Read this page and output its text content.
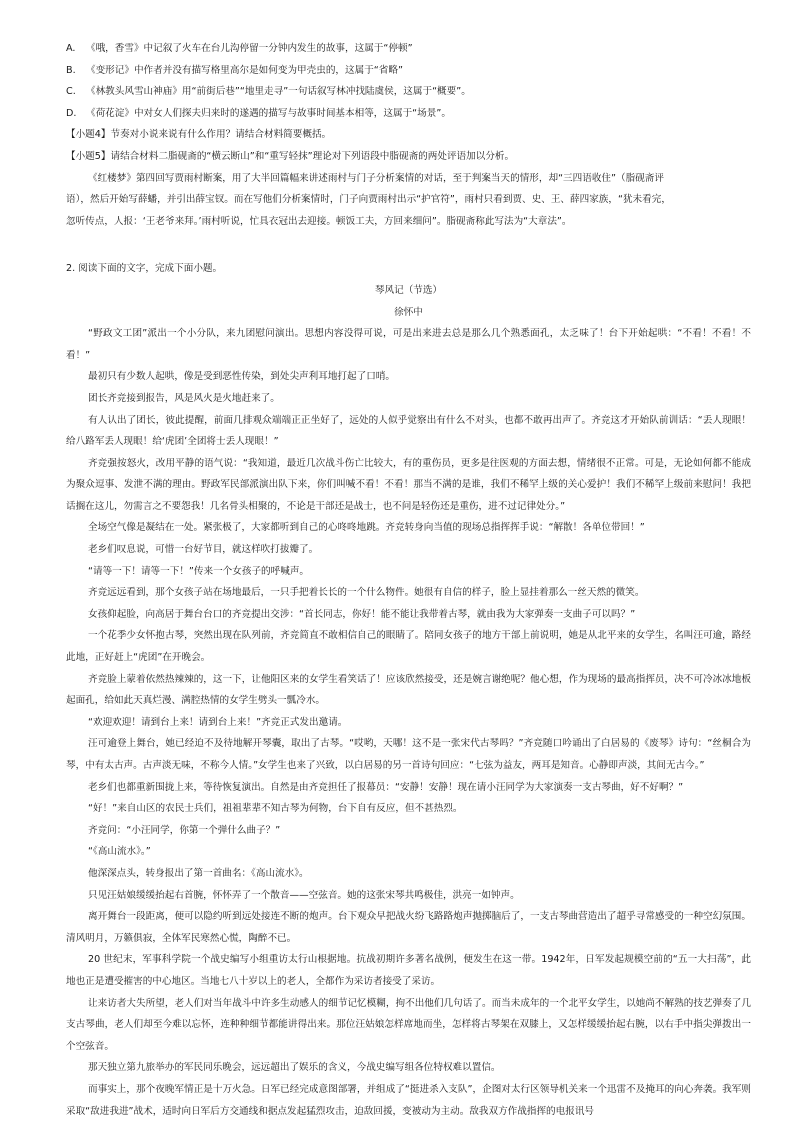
A. 《哦，香雪》中记叙了火车在台儿沟停留一分钟内发生的故事，这属于“停顿”
B. 《变形记》中作者并没有描写格里高尔是如何变为甲壳虫的，这属于“省略”
C. 《林教头风雪山神庙》用“前街后巷”“地里走寻”一句话叙写林冲找陆虞侯，这属于“概要”。
D. 《荷花淀》中对女人们探夫归来时的遂遇的描写与故事时间基本相等，这属于“场景”。
【小题4】节奏对小说来说有什么作用？请结合材料简要概括。
【小题5】请结合材料二脂砚斋的“横云断山”和“重写轻抹”理论对下列语段中脂砚斋的两处评语加以分析。
《红楼梦》第四回写贾雨村断案，用了大半回篇幅来讲述雨村与门子分析案情的对话，至于判案当天的情形，却“三四语收住”（脂砚斋评
语），然后开始写薛蟠，并引出薛宝钗。而在写他们分析案情时，门子向贾雨村出示“护官符”，雨村只看到贾、史、王、薛四家族，“犹未看完，
忽听传点，人报：‘王老爷来拜。’雨村听说，忙具衣冠出去迎接。顿饭工夫，方回来细问”。脂砚斋称此写法为“大章法”。
2. 阅读下面的文字，完成下面小题。
琴风记（节选）
徐怀中
“野政文工团”派出一个小分队，来九团慰问演出。思想内容没得可说，可是出来进去总是那么几个熟悉面孔，太乏味了！台下开始起哄：“不看！不看！不看！”
最初只有少数人起哄，像是受到恶性传染，到处尖声利耳地打起了口哨。
团长齐竞接到报告，风是风火是火地赶来了。
有人认出了团长，彼此提醒，前面几排观众端端正正坐好了，远处的人似乎觉察出有什么不对头，也都不敢再出声了。齐竞这才开始队前训话：“丢人现眼！给八路军丢人现眼！给‘虎团’全团将士丢人现眼！”
齐竞强按怒火，改用平静的语气说：“我知道，最近几次战斗伤亡比较大，有的重伤员，更多是往医观的方面去想，情绪很不正常。可是，无论如何都不能成为聚众逗事、发泄不满的理由。野政军民部派演出队下来，你们叫喊不看！不看！那当不满的是谁，我们不稀罕上级的关心爱护！我们不稀罕上级前来慰问！我把话搁在这儿，勿需言之不要怨我！几名骨头相聚的，不论是干部还是战士，也不问是轻伤还是重伤，进不过记律处分。”
全场空气像是凝结在一处。紧张极了，大家都听到自己的心咚咚地跳。齐竞转身向当值的现场总指挥挥手说：“解散！各单位带回！”
老乡们叹息说，可惜一台好节目，就这样吹打拔瓣了。
“请等一下！请等一下！”传来一个女孩子的呼喊声。
齐竞远远看到，那个女孩子站在场地最后，一只手把着长长的一个什么物件。她很有自信的样子，脸上显挂着那么一丝天然的微笑。
女孩仰起脸，向高居于舞台台口的齐竞提出交涉：“首长同志，你好！能不能让我带着古琴，就由我为大家弹奏一支曲子可以吗？”
一个花季少女怀抱古琴，突然出现在队列前，齐竞简直不敢相信自己的眼睛了。陪同女孩子的地方干部上前说明，她是从北平来的女学生，名叫汪可逾，路经此地，正好赶上“虎团”在开晚会。
齐竞脸上蒙着依然热辣辣的，这一下，让他阳区来的女学生看笑话了！应该欣然接受，还是婉言谢绝呢？他心想，作为现场的最高指挥员，决不可冷冰冰地板起面孔，给如此天真烂漫、满腔热情的女学生劈头一瓢冷水。
“欢迎欢迎！请到台上来！请到台上来！”齐竞正式发出邀请。
汪可逾登上舞台，她已经迫不及待地解开琴囊，取出了古琴。“哎哟，天哪！这不是一张宋代古琴吗？”齐竞随口吟诵出了白居易的《废琴》诗句：“丝桐合为琴，中有太古声。古声淡无味，不称今人情。”女学生也来了兴致，以白居易的另一首诗句回应：“七弦为益友，两耳是知音。心静即声淡，其间无古今。”
老乡们也都重新围拢上来，等待恢复演出。自然是由齐竞担任了报幕员：“安静！安静！现在请小汪同学为大家演奏一支古琴曲，好不好啊？”
“好！”来自山区的农民士兵们，祖祖辈辈不知古琴为何物，台下自有反应，但不甚热烈。
齐竞问：“小汪同学，你第一个弹什么曲子？”
“《高山流水》。”
他深深点头，转身报出了第一首曲名：《高山流水》。
只见汪姑娘缓缓抬起右首腕，怀怀弄了一个散音——空弦音。她的这张宋琴共鸣极佳，洪亮一如钟声。
离开舞台一段距离，便可以隐约听到远处接连不断的炮声。台下观众早把战火纷飞路路炮声抛掷脑后了，一支古琴曲营造出了超乎寻常感受的一种空幻氛围。清风明月，万籁俱寂，全体军民寒然心慌，陶醉不已。
20 世纪末，军事科学院一个战史编写小组重访太行山根据地。抗战初期许多著名战例，便发生在这一带。1942年，日军发起规模空前的“五一大扫荡”，此地也正是遭受摧害的中心地区。当地七八十岁以上的老人，全都作为采访者接受了采访。
让来访者大失所望，老人们对当年战斗中许多生动感人的细节记忆模糊，拘不出他们几句话了。而当未成年的一个北平女学生，以她尚不解熟的技艺弹奏了几支古琴曲，老人们却至今难以忘怀，连种种细节都能讲得出来。那位汪姑娘怎样席地而坐，怎样将古琴架在双膝上，又怎样缓缓抬起右腕，以右手中指尖弹拨出一个空弦音。
那天独立第九旅举办的军民同乐晚会，远远超出了娱乐的含义，今战史编写组各位特权难以置信。
而事实上，那个夜晚军情正是十万火急。日军已经完成意图部署，并组成了“挺进杀入支队”，企图对太行区领导机关来一个迅雷不及掩耳的向心奔袭。我军则采取“敌进我进”战术，适时向日军后方交通线和据点发起猛烈攻击，迫敌回援，变被动为主动。敌我双方作战指挥的电报讯号
